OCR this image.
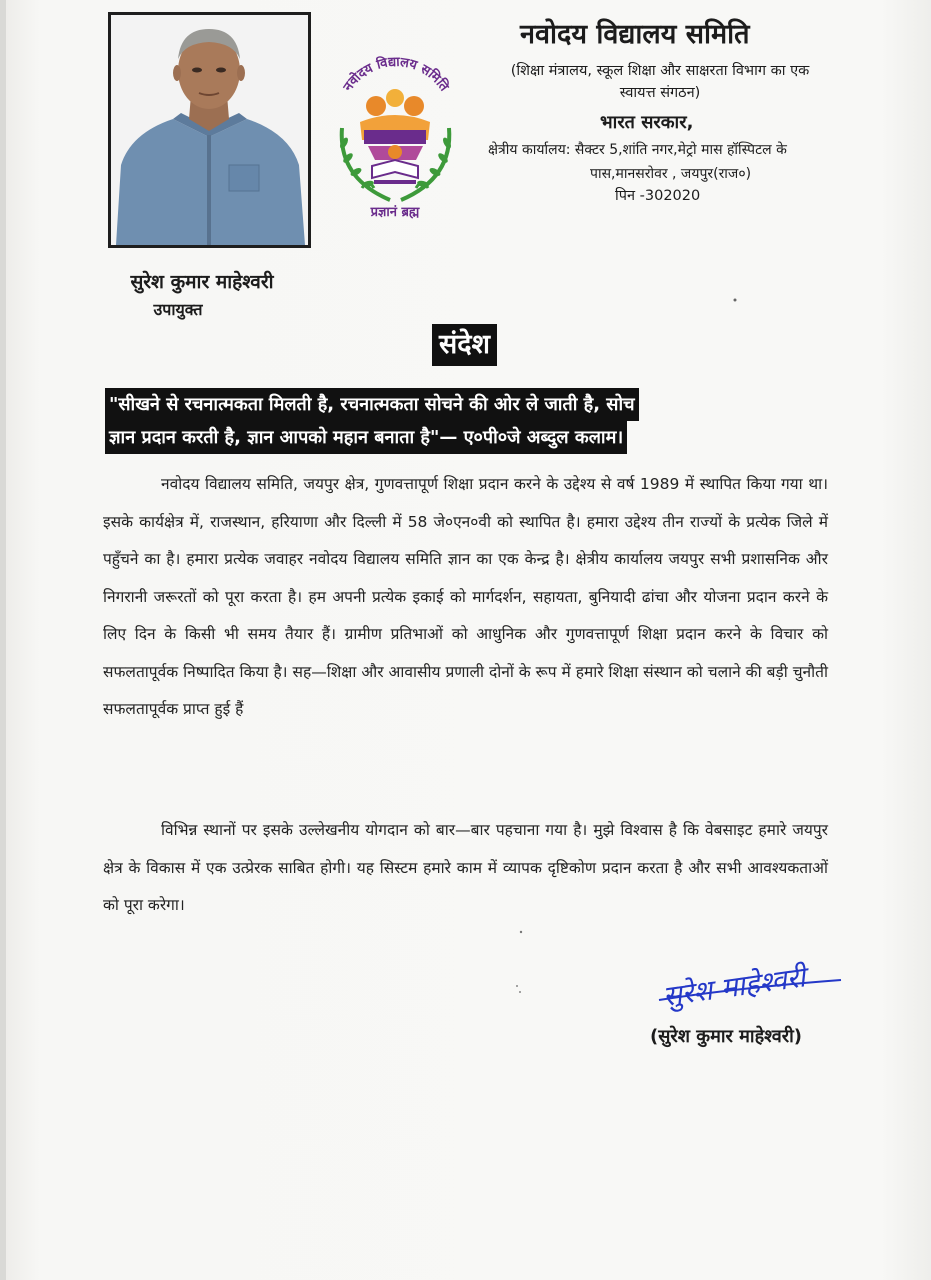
सुरेश कुमार माहेश्वरी
उपायुक्त
नवोदय विद्यालय समिति
प्रज्ञानं ब्रह्म
नवोदय विद्यालय समिति
(शिक्षा मंत्रालय, स्कूल शिक्षा और साक्षरता विभाग का एक
स्वायत्त संगठन)
भारत सरकार,
क्षेत्रीय कार्यालय: सैक्टर 5,शांति नगर,मेट्रो मास हॉस्पिटल के
पास,मानसरोवर , जयपुर(राज०)
पिन -302020
संदेश
"सीखने से रचनात्मकता मिलती है, रचनात्मकता सोचने की ओर ले जाती है, सोच
ज्ञान प्रदान करती है, ज्ञान आपको महान बनाता है"— ए०पी०जे अब्दुल कलाम।
नवोदय विद्यालय समिति, जयपुर क्षेत्र, गुणवत्तापूर्ण शिक्षा प्रदान करने के उद्देश्य से वर्ष 1989 में स्थापित किया गया था। इसके कार्यक्षेत्र में, राजस्थान, हरियाणा और दिल्ली में 58 जे०एन०वी को स्थापित है। हमारा उद्देश्य तीन राज्यों के प्रत्येक जिले में पहुँचने का है। हमारा प्रत्येक जवाहर नवोदय विद्यालय समिति ज्ञान का एक केन्द्र है। क्षेत्रीय कार्यालय जयपुर सभी प्रशासनिक और निगरानी जरूरतों को पूरा करता है। हम अपनी प्रत्येक इकाई को मार्गदर्शन, सहायता, बुनियादी ढांचा और योजना प्रदान करने के लिए दिन के किसी भी समय तैयार हैं। ग्रामीण प्रतिभाओं को आधुनिक और गुणवत्तापूर्ण शिक्षा प्रदान करने के विचार को सफलतापूर्वक निष्पादित किया है। सह—शिक्षा और आवासीय प्रणाली दोनों के रूप में हमारे शिक्षा संस्थान को चलाने की बड़ी चुनौती सफलतापूर्वक प्राप्त हुई हैं
विभिन्न स्थानों पर इसके उल्लेखनीय योगदान को बार—बार पहचाना गया है। मुझे विश्वास है कि वेबसाइट हमारे जयपुर क्षेत्र के विकास में एक उत्प्रेरक साबित होगी। यह सिस्टम हमारे काम में व्यापक दृष्टिकोण प्रदान करता है और सभी आवश्यकताओं को पूरा करेगा।
सुरेश माहेश्वरी
(सुरेश कुमार माहेश्वरी)
